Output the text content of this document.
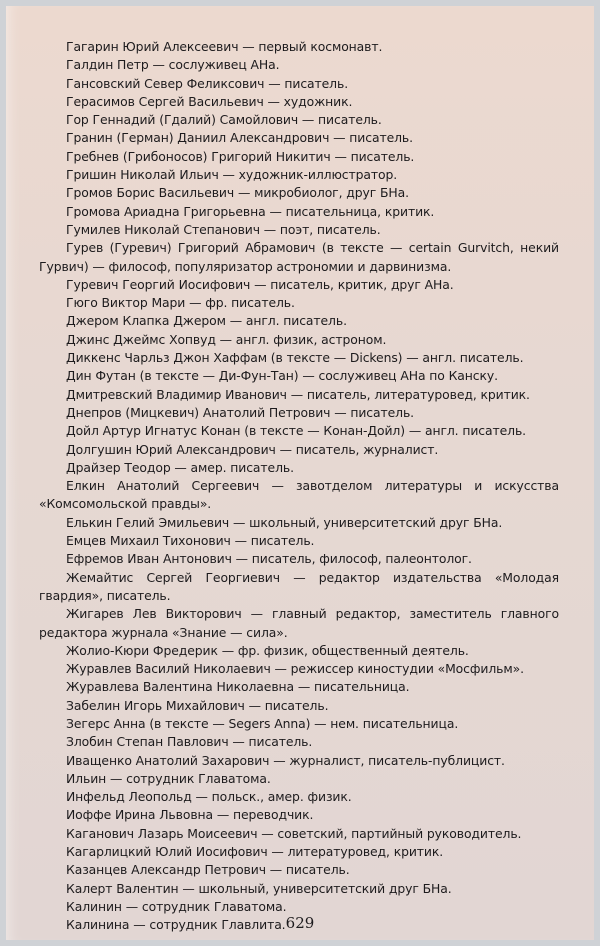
Гагарин Юрий Алексеевич — первый космонавт.

Галдин Петр — сослуживец АНа.

Гансовский Север Феликсович — писатель.

Герасимов Сергей Васильевич — художник.

Гор Геннадий (Гдалий) Самойлович — писатель.

Гранин (Герман) Даниил Александрович — писатель.

Гребнев (Грибоносов) Григорий Никитич — писатель.

Гришин Николай Ильич — художник-иллюстратор.

Громов Борис Васильевич — микробиолог, друг БНа.

Громова Ариадна Григорьевна — писательница, критик.

Гумилев Николай Степанович — поэт, писатель.

Гурев (Гуревич) Григорий Абрамович (в тексте — certain Gurvitch, некий Гурвич) — философ, популяризатор астрономии и дарвинизма.

Гуревич Георгий Иосифович — писатель, критик, друг АНа.

Гюго Виктор Мари — фр. писатель.

Джером Клапка Джером — англ. писатель.

Джинс Джеймс Хопвуд — англ. физик, астроном.

Диккенс Чарльз Джон Хаффам (в тексте — Dickens) — англ. писатель.

Дин Футан (в тексте — Ди-Фун-Тан) — сослуживец АНа по Канску.

Дмитревский Владимир Иванович — писатель, литературовед, критик.

Днепров (Мицкевич) Анатолий Петрович — писатель.

Дойл Артур Игнатус Конан (в тексте — Конан-Дойл) — англ. писатель.

Долгушин Юрий Александрович — писатель, журналист.

Драйзер Теодор — амер. писатель.

Елкин Анатолий Сергеевич — завотделом литературы и искусства «Комсомольской правды».

Елькин Гелий Эмильевич — школьный, университетский друг БНа.

Емцев Михаил Тихонович — писатель.

Ефремов Иван Антонович — писатель, философ, палеонтолог.

Жемайтис Сергей Георгиевич — редактор издательства «Молодая гвардия», писатель.

Жигарев Лев Викторович — главный редактор, заместитель главного редактора журнала «Знание — сила».

Жолио-Кюри Фредерик — фр. физик, общественный деятель.

Журавлев Василий Николаевич — режиссер киностудии «Мосфильм».

Журавлева Валентина Николаевна — писательница.

Забелин Игорь Михайлович — писатель.

Зегерс Анна (в тексте — Segers Anna) — нем. писательница.

Злобин Степан Павлович — писатель.

Иващенко Анатолий Захарович — журналист, писатель-публицист.

Ильин — сотрудник Главатома.

Инфельд Леопольд — польск., амер. физик.

Иоффе Ирина Львовна — переводчик.

Каганович Лазарь Моисеевич — советский, партийный руководитель.

Кагарлицкий Юлий Иосифович — литературовед, критик.

Казанцев Александр Петрович — писатель.

Калерт Валентин — школьный, университетский друг БНа.

Калинин — сотрудник Главатома.

Калинина — сотрудник Главлита. 629
